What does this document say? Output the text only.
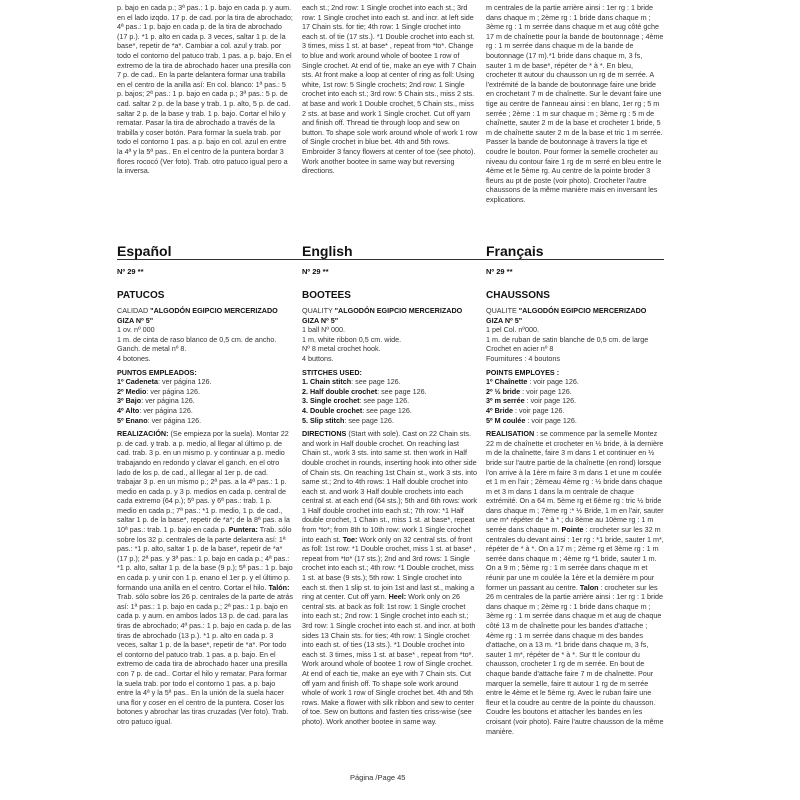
p. bajo en cada p.; 3ª pas.: 1 p. bajo en cada p. y aum. en el lado izqdo. 17 p. de cad. por la tira de abrochado; 4ª pas.: 1 p. bajo en cada p. de la tira de abrochado (17 p.). *1 p. alto en cada p. 3 veces, saltar 1 p. de la base*, repetir de *a*. Cambiar a col. azul y trab. por todo el contorno del patuco trab. 1 pas. a p. bajo. En el extremo de la tira de abrochado hacer una presilla con 7 p. de cad.. En la parte delantera formar una trabilla en el centro de la anilla así: En col. blanco: 1ª pas.: 5 p. bajos; 2ª pas.: 1 p. bajo en cada p.; 3ª pas.: 5 p. de cad. saltar 2 p. de la base y trab. 1 p. alto, 5 p. de cad. saltar 2 p. de la base y trab. 1 p. bajo. Cortar el hilo y rematar. Pasar la tira de abrochado a través de la trabilla y coser botón. Para formar la suela trab. por todo el contorno 1 pas. a p. bajo en col. azul en entre la 4ª y la 5ª pas.. En el centro de la puntera bordar 3 flores rococó (Ver foto). Trab. otro patuco igual pero a la inversa.
each st.; 2nd row: 1 Single crochet into each st.; 3rd row: 1 Single crochet into each st. and incr. at left side 17 Chain sts. for tie; 4th row: 1 Single crochet into each st. of tie (17 sts.). *1 Double crochet into each st. 3 times, miss 1 st. at base* , repeat from *to*. Change to blue and work around whole of bootee 1 row of Single crochet. At end of tie, make an eye with 7 Chain sts. At front make a loop at center of ring as foll: Using white, 1st row: 5 Single crochets; 2nd row: 1 Single crochet into each st.; 3rd row: 5 Chain sts., miss 2 sts. at base and work 1 Double crochet, 5 Chain sts., miss 2 sts. at base and work 1 Single crochet. Cut off yarn and finish off. Thread tie through loop and sew on button. To shape sole work around whole of work 1 row of Single crochet in blue bet. 4th and 5th rows. Embroider 3 fancy flowers at center of toe (see photo). Work another bootee in same way but reversing directions.
m centrales de la partie arrière ainsi : 1er rg : 1 bride dans chaque m ; 2ème rg : 1 bride dans chaque m ; 3ème rg : 1 m serrée dans chaque m et aug côté gche 17 m de chaînette pour la bande de boutonnage ; 4ème rg : 1 m serrée dans chaque m de la bande de boutonnage (17 m).*1 bride dans chaque m, 3 fs, sauter 1 m de base*, répéter de * à *. En bleu, crocheter tt autour du chausson un rg de m serrée. A l'extrémité de la bande de boutonnage faire une bride en crochetant 7 m de chaînette. Sur le devant faire une tige au centre de l'anneau ainsi : en blanc, 1er rg ; 5 m serrée ; 2ème : 1 m sur chaque m ; 3ème rg : 5 m de chaînette, sauter 2 m de la base et crocheter 1 bride, 5 m de chaînette sauter 2 m de la base et tric 1 m serrée. Passer la bande de boutonnage à travers la tige et coudre le bouton. Pour former la semelle crocheter au niveau du contour faire 1 rg de m serré en bleu entre le 4ème et le 5ème rg. Au centre de la pointe broder 3 fleurs au pt de poste (voir photo). Crocheter l'autre chaussons de la même manière mais en inversant les explications.
Español	English	Français
Nº 29 **	Nº 29 **	Nº 29 **
PATUCOS	BOOTEES	CHAUSSONS
CALIDAD "ALGODÓN EGIPCIO MERCERIZADO GIZA Nº 5"
1 ov. nº 000
1 m. de cinta de raso blanco de 0,5 cm. de ancho.
Ganch. de metal nº 8.
4 botones.
PUNTOS EMPLEADOS:
1º Cadeneta: ver página 126.
2º Medio: ver página 126.
3º Bajo: ver página 126.
4º Alto: ver página 126.
5º Enano: ver página 126.
REALIZACIÓN: (Se empieza por la suela). Montar 22 p. de cad. y trab. a p. medio, al llegar al último p. de cad. trab. 3 p. en un mismo p. y continuar a p. medio trabajando en redondo y clavar el ganch. en el otro lado de los p. de cad., al llegar al 1er p. de cad. trabajar 3 p. en un mismo p.; 2ª pas. a la 4ª pas.: 1 p. medio en cada p. y 3 p. medios en cada p. central de cada extremo (64 p.); 5ª pas. y 6ª pas.: trab. 1 p. medio en cada p.; 7ª pas.: *1 p. medio, 1 p. de cad., saltar 1 p. de la base*, repetir de *a*; de la 8ª pas. a la 10ª pas.: trab. 1 p. bajo en cada p. Puntera: Trab. sólo sobre los 32 p. centrales de la parte delantera así: 1ª pas.: *1 p. alto, saltar 1 p. de la base*, repetir de *a* (17 p.); 2ª pas. y 3ª pas.: 1 p. bajo en cada p.; 4ª pas.: *1 p. alto, saltar 1 p. de la base (9 p.); 5ª pas.: 1 p. bajo en cada p. y unir con 1 p. enano el 1er p. y el último p. formando una anilla en el centro. Cortar el hilo. Talón: Trab. sólo sobre los 26 p. centrales de la parte de atrás así: 1ª pas.: 1 p. bajo en cada p.; 2ª pas.: 1 p. bajo en cada p. y aum. en ambos lados 13 p. de cad. para las tiras de abrochado; 4ª pas.: 1 p. bajo en cada p. de las tiras de abrochado (13 p.). *1 p. alto en cada p. 3 veces, saltar 1 p. de la base*, repetir de *a*. Por todo el contorno del patuco trab. 1 pas. a p. bajo. En el extremo de cada tira de abrochado hacer una presilla con 7 p. de cad.. Cortar el hilo y rematar. Para formar la suela trab. por todo el contorno 1 pas. a p. bajo entre la 4ª y la 5ª pas.. En la unión de la suela hacer una flor y coser en el centro de la puntera. Coser los botones y abrochar las tiras cruzadas (Ver foto). Trab. otro patuco igual.
QUALITY "ALGODÓN EGIPCIO MERCERIZADO GIZA Nº 5"
1 ball Nº 000.
1 m. white ribbon 0,5 cm. wide.
Nº 8 metal crochet hook.
4 buttons.
STITCHES USED:
1. Chain stitch: see page 126.
2. Half double crochet: see page 126.
3. Single crochet: see page 126.
4. Double crochet: see page 126.
5. Slip stitch: see page 126.
DIRECTIONS (Start with sole). Cast on 22 Chain sts. and work in Half double crochet. On reaching last Chain st., work 3 sts. into same st. then work in Half double crochet in rounds, inserting hook into other side of Chain sts. On reaching 1st Chain st., work 3 sts. into same st.; 2nd to 4th rows: 1 Half double crochet into each st. and work 3 Half double crochets into each central st. at each end (64 sts.); 5th and 6th rows: work 1 Half double crochet into each st.; 7th row: *1 Half double crochet, 1 Chain st., miss 1 st. at base*, repeat from *to*; from 8th to 10th row: work 1 Single crochet into each st. Toe: Work only on 32 central sts. of front as foll: 1st row: *1 Double crochet, miss 1 st. at base* , repeat from *to* (17 sts.); 2nd and 3rd rows: 1 Single crochet into each st.; 4th row: *1 Double crochet, miss 1 st. at base (9 sts.); 5th row: 1 Single crochet into each st. then 1 slip st. to join 1st and last st., making a ring at center. Cut off yarn. Heel: Work only on 26 central sts. at back as foll: 1st row: 1 Single crochet into each st.; 2nd row: 1 Single crochet into each st.; 3rd row: 1 Single crochet into each st. and incr. at both sides 13 Chain sts. for ties; 4th row: 1 Single crochet into each st. of ties (13 sts.). *1 Double crochet into each st. 3 times, miss 1 st. at base* , repeat from *to*. Work around whole of bootee 1 row of Single crochet. At end of each tie, make an eye with 7 Chain sts. Cut off yarn and finish off. To shape sole work around whole of work 1 row of Single crochet bet. 4th and 5th rows. Make a flower with silk ribbon and sew to center of toe. Sew on buttons and fasten ties criss-wise (see photo). Work another bootee in same way.
QUALITE "ALGODÓN EGIPCIO MERCERIZADO GIZA Nº 5"
1 pel Col. nº000.
1 m. de ruban de satin blanche de 0,5 cm. de large
Crochet en acier nº 8
Fournitures : 4 boutons
POINTS EMPLOYES :
1º Chaînette : voir page 126.
2º ½ bride : voir page 126.
3º m serrée : voir page 126.
4º Bride : voir page 126.
5º M coulée : voir page 126.
REALISATION : se commence par la semelle Montez 22 m de chaînette et crocheter en ½ bride, à la dernière m de la chaînette, faire 3 m dans 1 et continuer en ½ bride sur l'autre partie de la chaînette (en rond) lorsque l'on arrive à la 1ère m faire 3 m dans 1 et une m coulée et 1 m en l'air ; 2èmeau 4ème rg : ½ bride dans chaque m et 3 m dans 1 dans la m centrale de chaque extrémité. On a 64 m. 5ème rg et 6ème rg : tric ½ bride dans chaque m ; 7ème rg :* ½ Bride, 1 m en l'air, sauter une m* répéter de * à * ; du 8ème au 10ème rg : 1 m serrée dans chaque m. Pointe : crocheter sur les 32 m centrales du devant ainsi : 1er rg : *1 bride, sauter 1 m*, répéter de * à *. On a 17 m ; 2ème rg et 3ème rg : 1 m serrée dans chaque m ; 4ème rg *1 bride, sauter 1 m. On a 9 m ; 5ème rg : 1 m serrée dans chaque m et réunir par une m coulée la 1ère et la dernière m pour former un passant au centre. Talon : crocheter sur les 26 m centrales de la partie arrière ainsi : 1er rg : 1 bride dans chaque m ; 2ème rg : 1 bride dans chaque m ; 3ème rg : 1 m serrée dans chaque m et aug de chaque côté 13 m de chaînette pour les bandes d'attache ; 4ème rg : 1 m serrée dans chaque m des bandes d'attache, on a 13 m. *1 bride dans chaque m, 3 fs, sauter 1 m*, répéter de * à *. Sur tt le contour du chausson, crocheter 1 rg de m serrée. En bout de chaque bande d'attache faire 7 m de chaînette. Pour marquer la semelle, faire tt autour 1 rg de m serrée entre le 4ème et le 5ème rg. Avec le ruban faire une fleur et la coudre au centre de la pointe du chausson. Coudre les boutons et attacher les bandes en les croisant (voir photo). Faire l'autre chausson de la même manière.
Página /Page 45
